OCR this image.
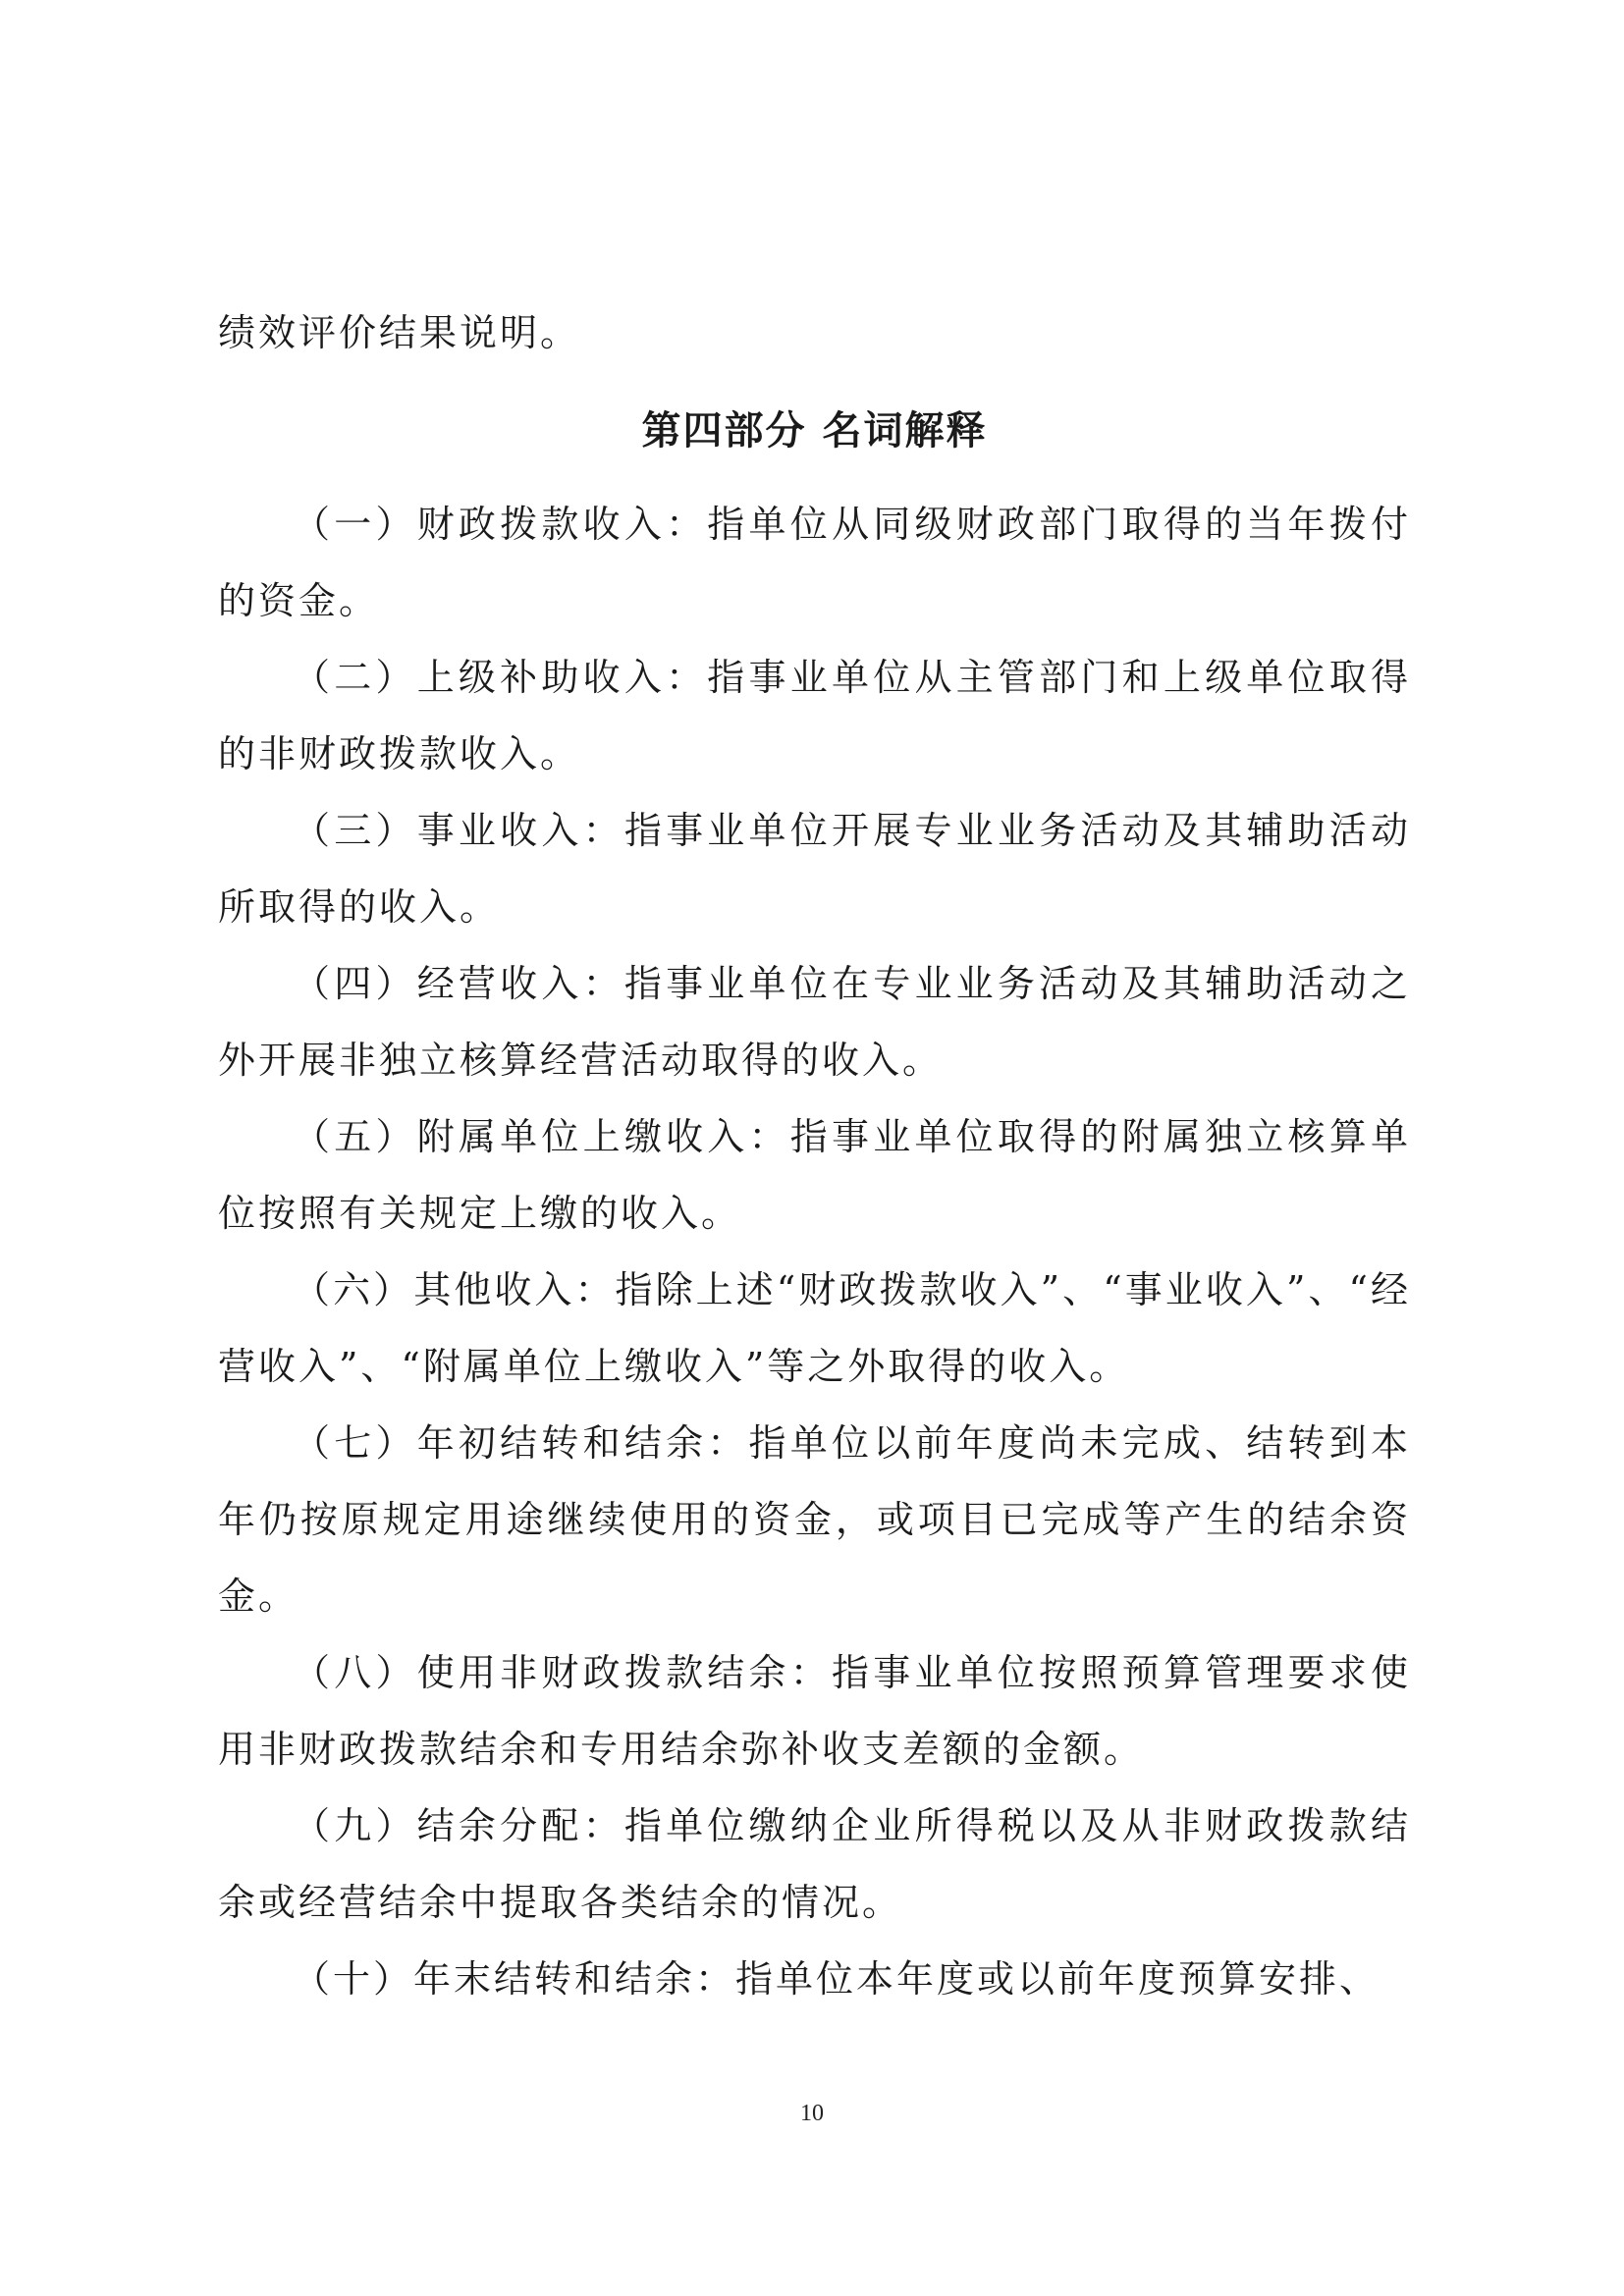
绩效评价结果说明。

第四部分 名词解释

（一）财政拨款收入：指单位从同级财政部门取得的当年拨付的资金。

（二）上级补助收入：指事业单位从主管部门和上级单位取得的非财政拨款收入。

（三）事业收入：指事业单位开展专业业务活动及其辅助活动所取得的收入。

（四）经营收入：指事业单位在专业业务活动及其辅助活动之外开展非独立核算经营活动取得的收入。

（五）附属单位上缴收入：指事业单位取得的附属独立核算单位按照有关规定上缴的收入。

（六）其他收入：指除上述“财政拨款收入”、“事业收入”、“经营收入”、“附属单位上缴收入”等之外取得的收入。

（七）年初结转和结余：指单位以前年度尚未完成、结转到本年仍按原规定用途继续使用的资金，或项目已完成等产生的结余资金。

（八）使用非财政拨款结余：指事业单位按照预算管理要求使用非财政拨款结余和专用结余弥补收支差额的金额。

（九）结余分配：指单位缴纳企业所得税以及从非财政拨款结余或经营结余中提取各类结余的情况。

（十）年末结转和结余：指单位本年度或以前年度预算安排、

10
